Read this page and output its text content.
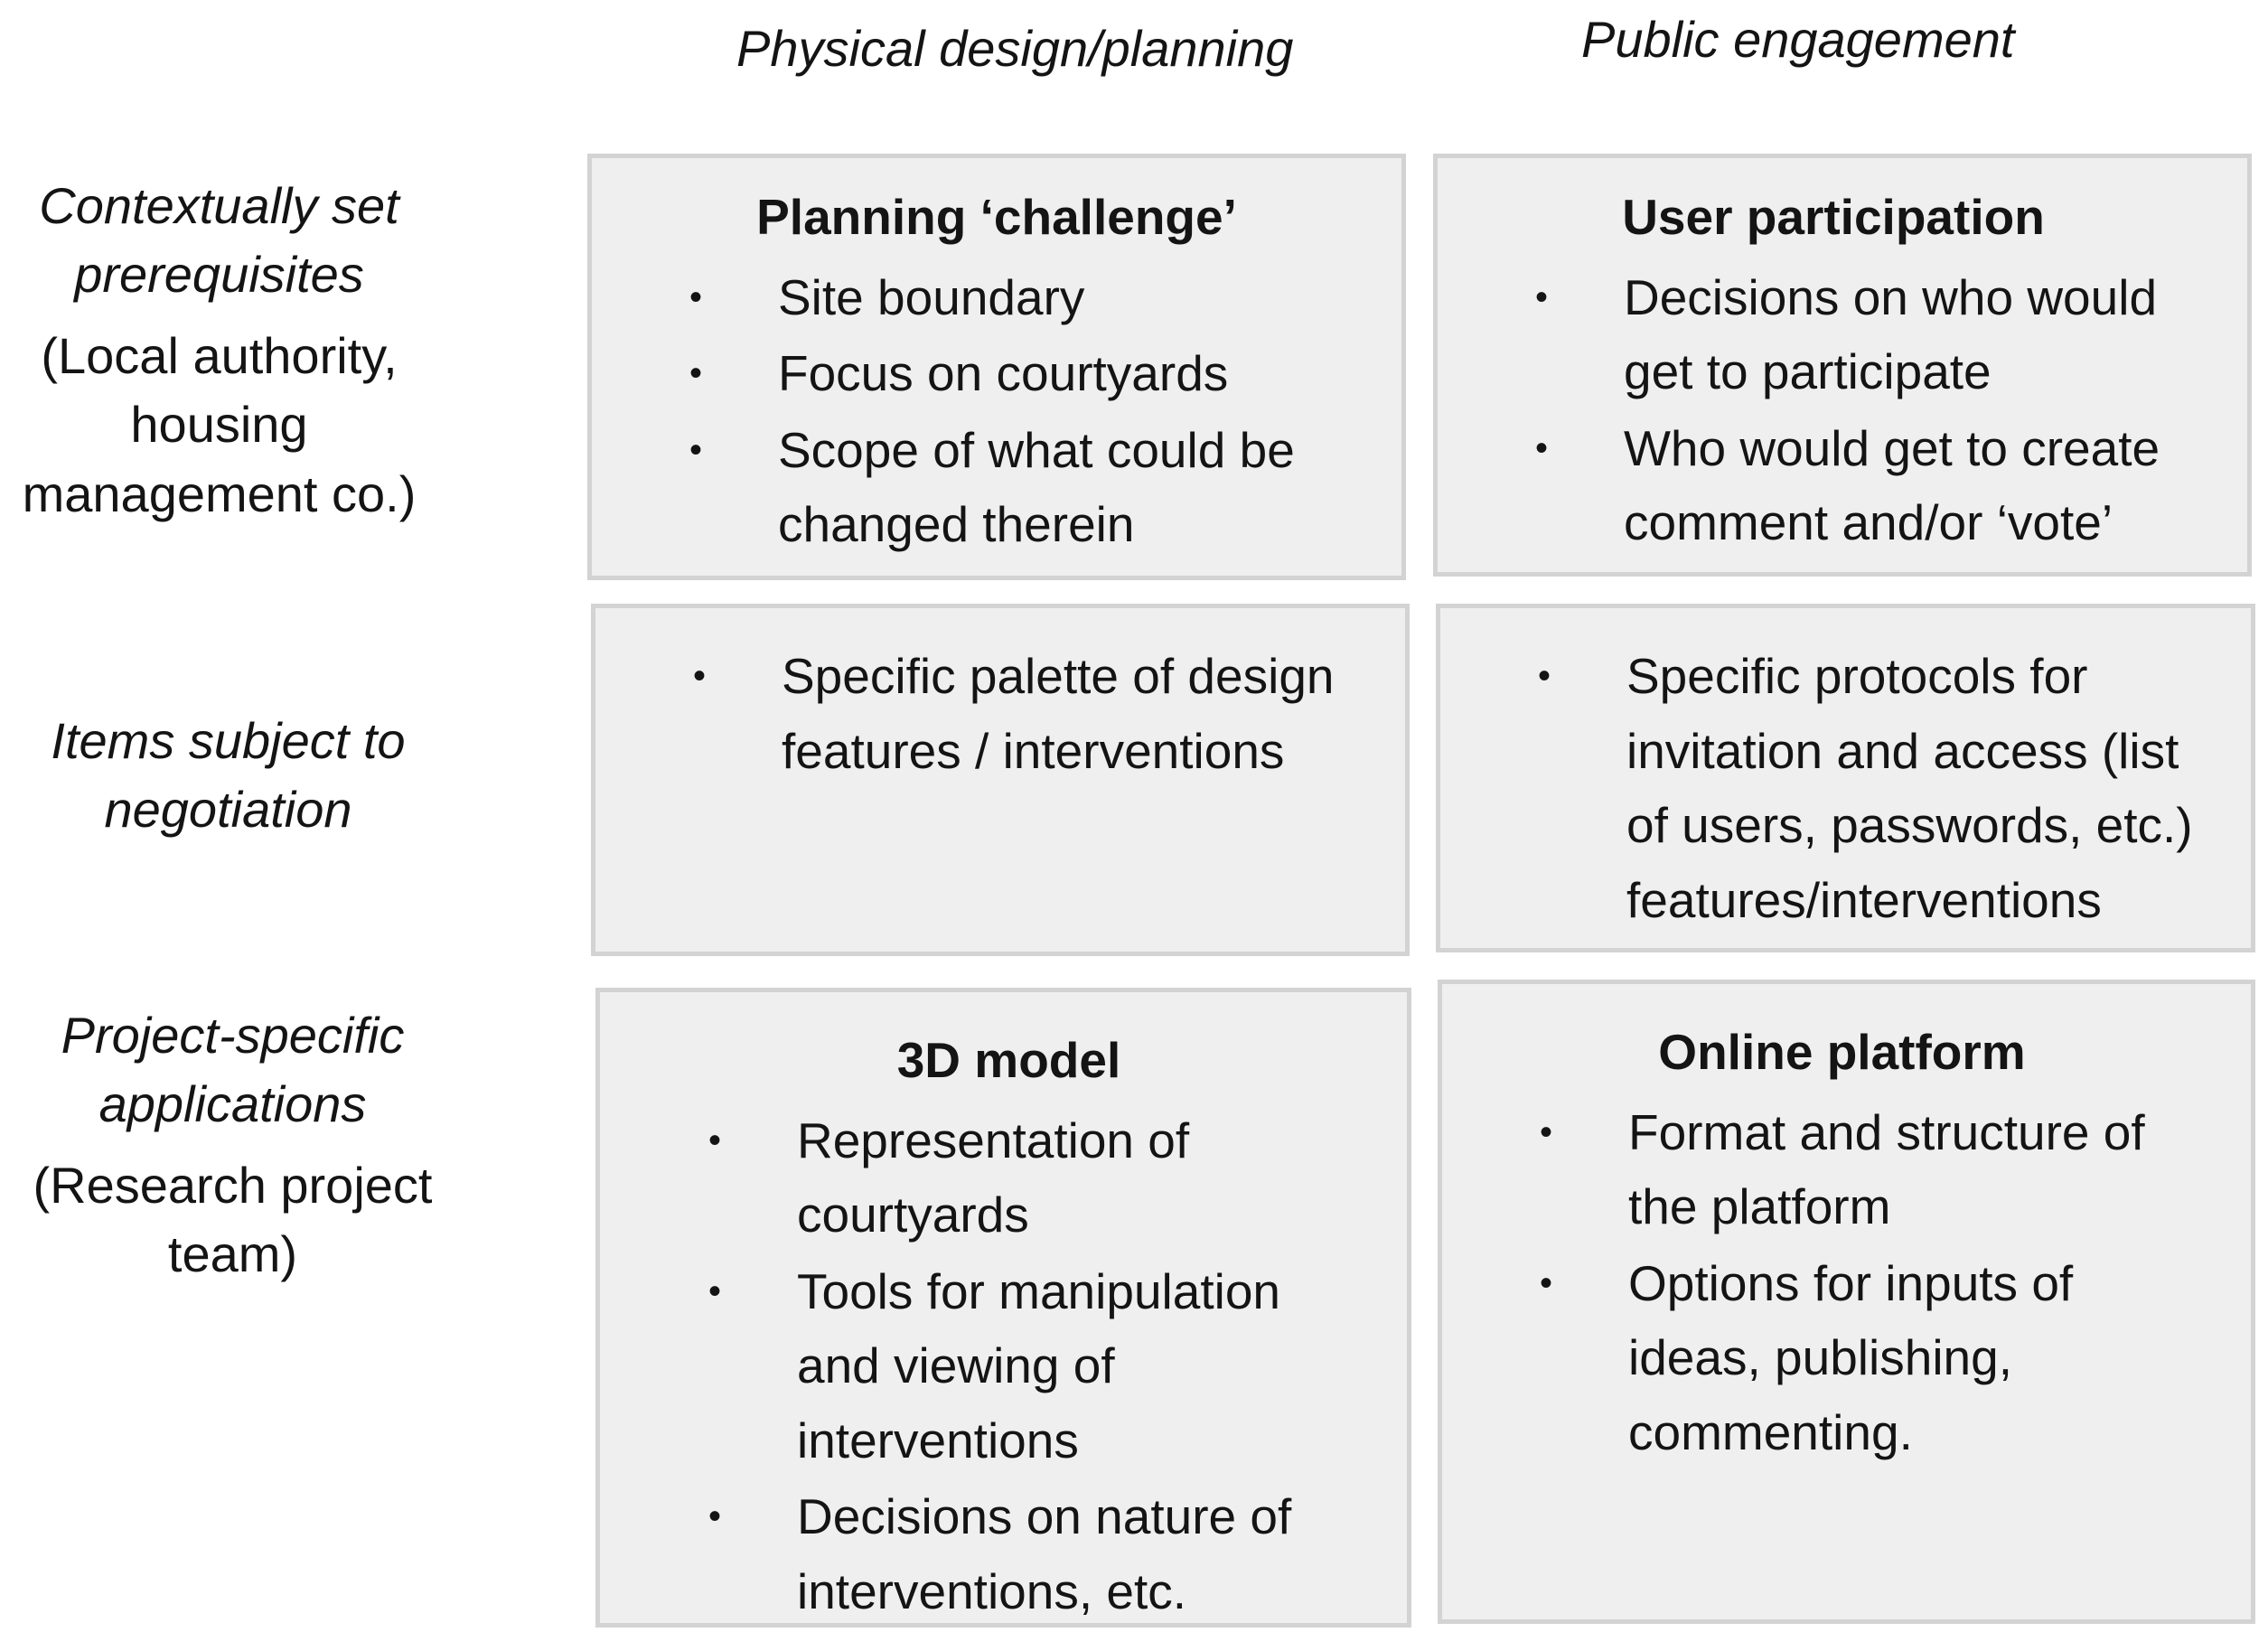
Physical design/planning	Public engagement
Contextually set prerequisites
(Local authority, housing management co.)
Items subject to negotiation
Project-specific applications
(Research project team)
Planning ‘challenge’
• Site boundary
• Focus on courtyards
• Scope of what could be changed therein
User participation
• Decisions on who would get to participate
• Who would get to create comment and/or ‘vote’
• Specific palette of design features / interventions
• Specific protocols for invitation and access (list of users, passwords, etc.) features/interventions
3D model
• Representation of courtyards
• Tools for manipulation and viewing of interventions
• Decisions on nature of interventions, etc.
Online platform
• Format and structure of the platform
• Options for inputs of ideas, publishing, commenting.
